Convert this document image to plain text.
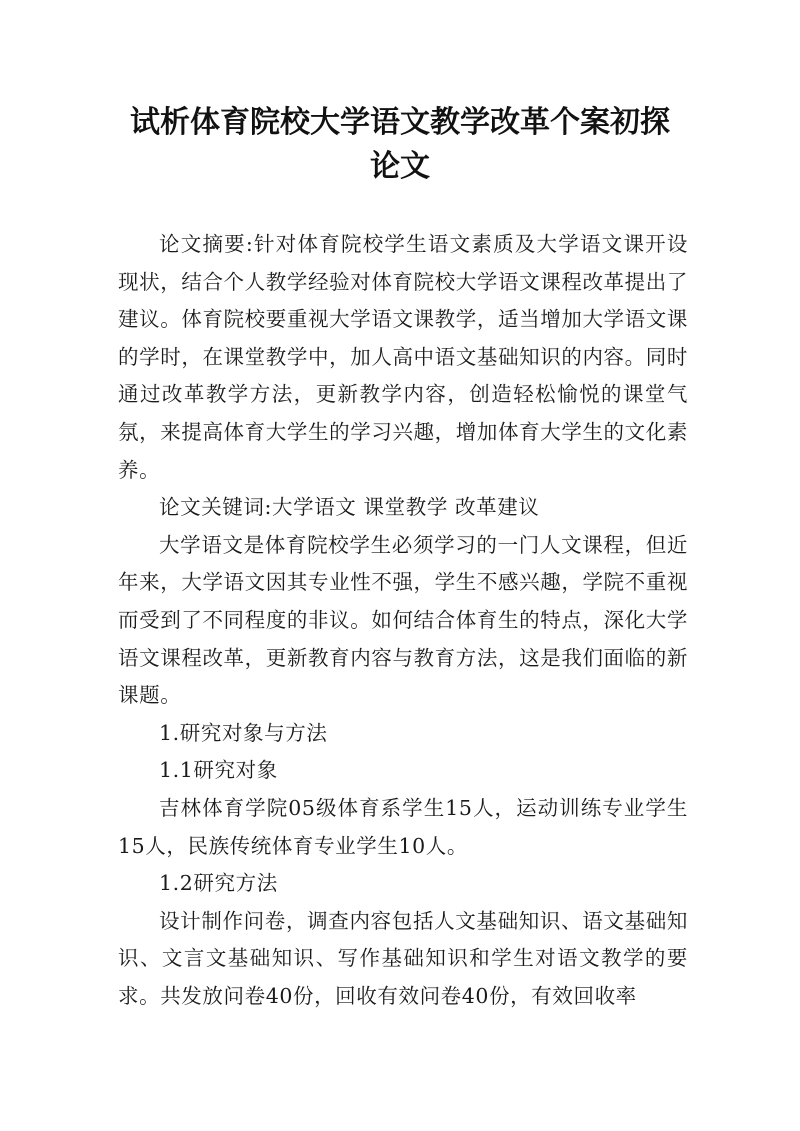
试析体育院校大学语文教学改革个案初探
论文

论文摘要:针对体育院校学生语文素质及大学语文课开设现状，结合个人教学经验对体育院校大学语文课程改革提出了建议。体育院校要重视大学语文课教学，适当增加大学语文课的学时，在课堂教学中，加人高中语文基础知识的内容。同时通过改革教学方法，更新教学内容，创造轻松愉悦的课堂气氛，来提高体育大学生的学习兴趣，增加体育大学生的文化素养。

论文关键词:大学语文 课堂教学 改革建议

大学语文是体育院校学生必须学习的一门人文课程，但近年来，大学语文因其专业性不强，学生不感兴趣，学院不重视而受到了不同程度的非议。如何结合体育生的特点，深化大学语文课程改革，更新教育内容与教育方法，这是我们面临的新课题。

1.研究对象与方法

1.1研究对象

吉林体育学院05级体育系学生15人，运动训练专业学生15人，民族传统体育专业学生10人。

1.2研究方法

设计制作问卷，调查内容包括人文基础知识、语文基础知识、文言文基础知识、写作基础知识和学生对语文教学的要求。共发放问卷40份，回收有效问卷40份，有效回收率
